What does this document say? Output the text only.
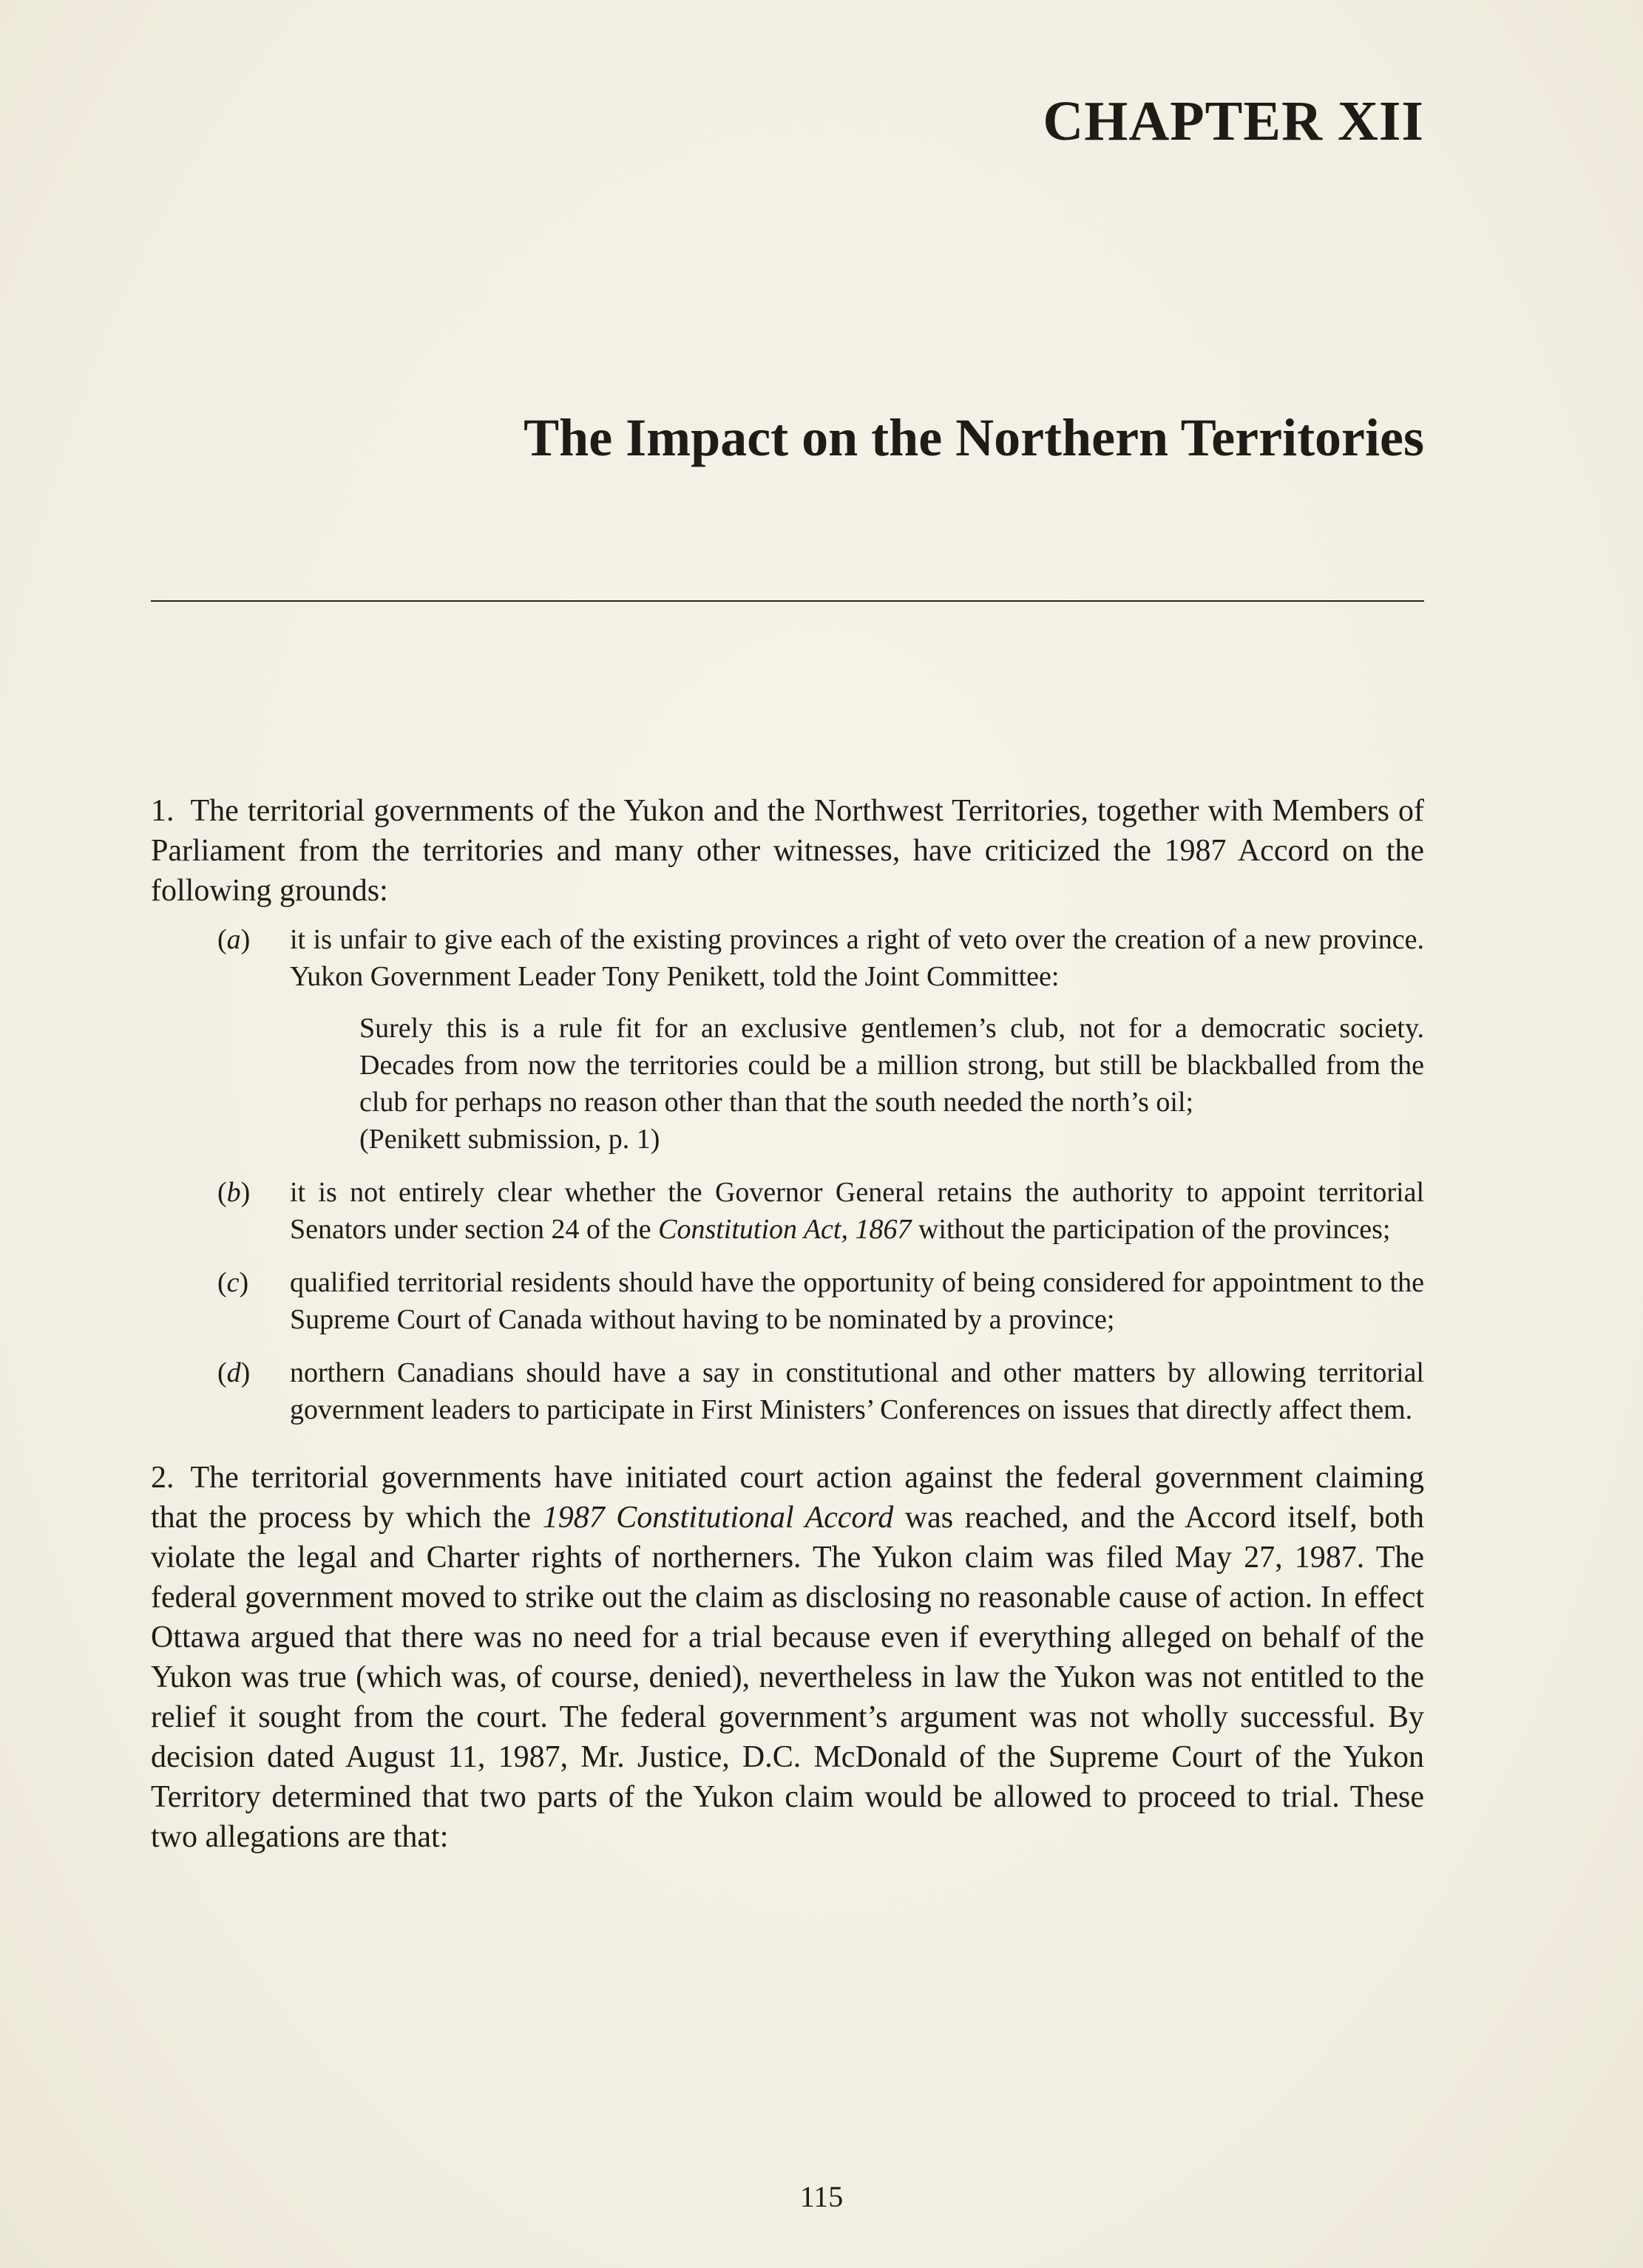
CHAPTER XII
The Impact on the Northern Territories

1. The territorial governments of the Yukon and the Northwest Territories, together with Members of Parliament from the territories and many other witnesses, have criticized the 1987 Accord on the following grounds:

(a) it is unfair to give each of the existing provinces a right of veto over the creation of a new province. Yukon Government Leader Tony Penikett, told the Joint Committee:
Surely this is a rule fit for an exclusive gentlemen’s club, not for a democratic society. Decades from now the territories could be a million strong, but still be blackballed from the club for perhaps no reason other than that the south needed the north’s oil;
(Penikett submission, p. 1)
(b) it is not entirely clear whether the Governor General retains the authority to appoint territorial Senators under section 24 of the Constitution Act, 1867 without the participation of the provinces;
(c) qualified territorial residents should have the opportunity of being considered for appointment to the Supreme Court of Canada without having to be nominated by a province;
(d) northern Canadians should have a say in constitutional and other matters by allowing territorial government leaders to participate in First Ministers’ Conferences on issues that directly affect them.

2. The territorial governments have initiated court action against the federal government claiming that the process by which the 1987 Constitutional Accord was reached, and the Accord itself, both violate the legal and Charter rights of northerners. The Yukon claim was filed May 27, 1987. The federal government moved to strike out the claim as disclosing no reasonable cause of action. In effect Ottawa argued that there was no need for a trial because even if everything alleged on behalf of the Yukon was true (which was, of course, denied), nevertheless in law the Yukon was not entitled to the relief it sought from the court. The federal government’s argument was not wholly successful. By decision dated August 11, 1987, Mr. Justice, D.C. McDonald of the Supreme Court of the Yukon Territory determined that two parts of the Yukon claim would be allowed to proceed to trial. These two allegations are that:

115
